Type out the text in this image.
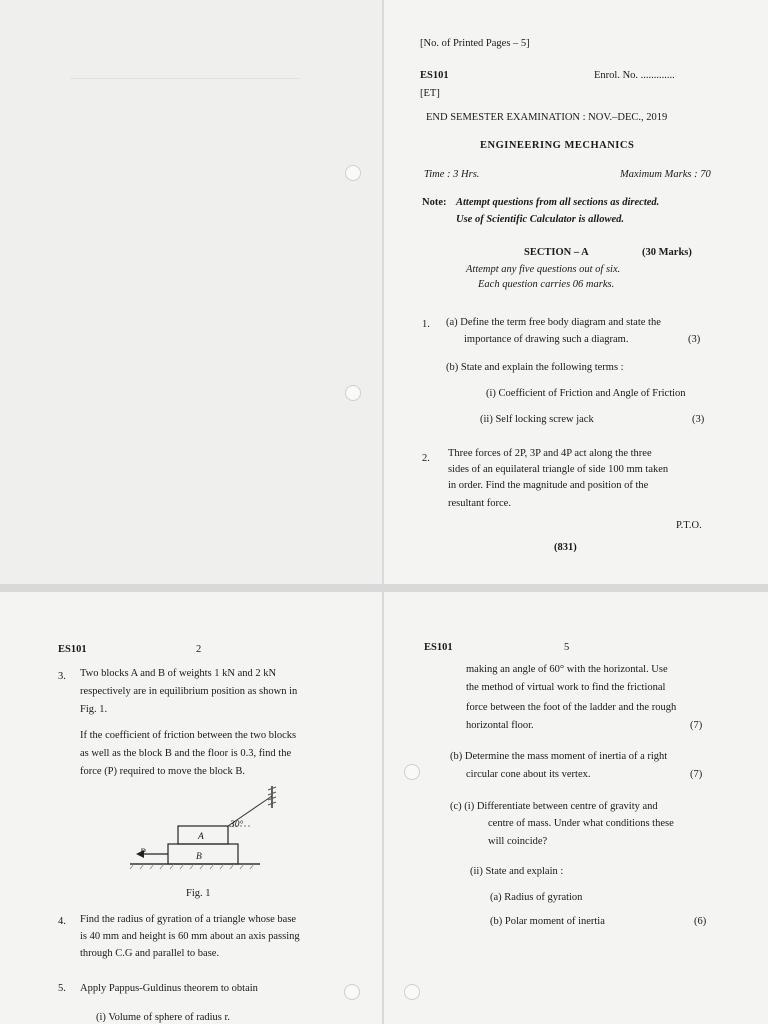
[No. of Printed Pages – 5]
ES101
[ET]
Enrol. No. .............
END SEMESTER EXAMINATION : NOV.–DEC., 2019
ENGINEERING MECHANICS
Time : 3 Hrs.	Maximum Marks : 70
Note: Attempt questions from all sections as directed.
Use of Scientific Calculator is allowed.
SECTION – A	(30 Marks)
Attempt any five questions out of six.
Each question carries 06 marks.
1. (a) Define the term free body diagram and state the
importance of drawing such a diagram.	(3)
(b) State and explain the following terms :
(i) Coefficient of Friction and Angle of Friction
(ii) Self locking screw jack	(3)
2. Three forces of 2P, 3P and 4P act along the three
sides of an equilateral triangle of side 100 mm taken
in order. Find the magnitude and position of the
resultant force.
P.T.O.
(831)
ES101	2
3. Two blocks A and B of weights 1 kN and 2 kN
respectively are in equilibrium position as shown in
Fig. 1.
If the coefficient of friction between the two blocks
as well as the block B and the floor is 0.3, find the
force (P) required to move the block B.
30°
A
B
P
Fig. 1
4. Find the radius of gyration of a triangle whose base
is 40 mm and height is 60 mm about an axis passing
through C.G and parallel to base.
5. Apply Pappus-Guldinus theorem to obtain
(i) Volume of sphere of radius r.
ES101	5
making an angle of 60° with the horizontal. Use
the method of virtual work to find the frictional
force between the foot of the ladder and the rough
horizontal floor.	(7)
(b) Determine the mass moment of inertia of a right
circular cone about its vertex.	(7)
(c) (i) Differentiate between centre of gravity and
centre of mass. Under what conditions these
will coincide?
(ii) State and explain :
(a) Radius of gyration
(b) Polar moment of inertia	(6)
